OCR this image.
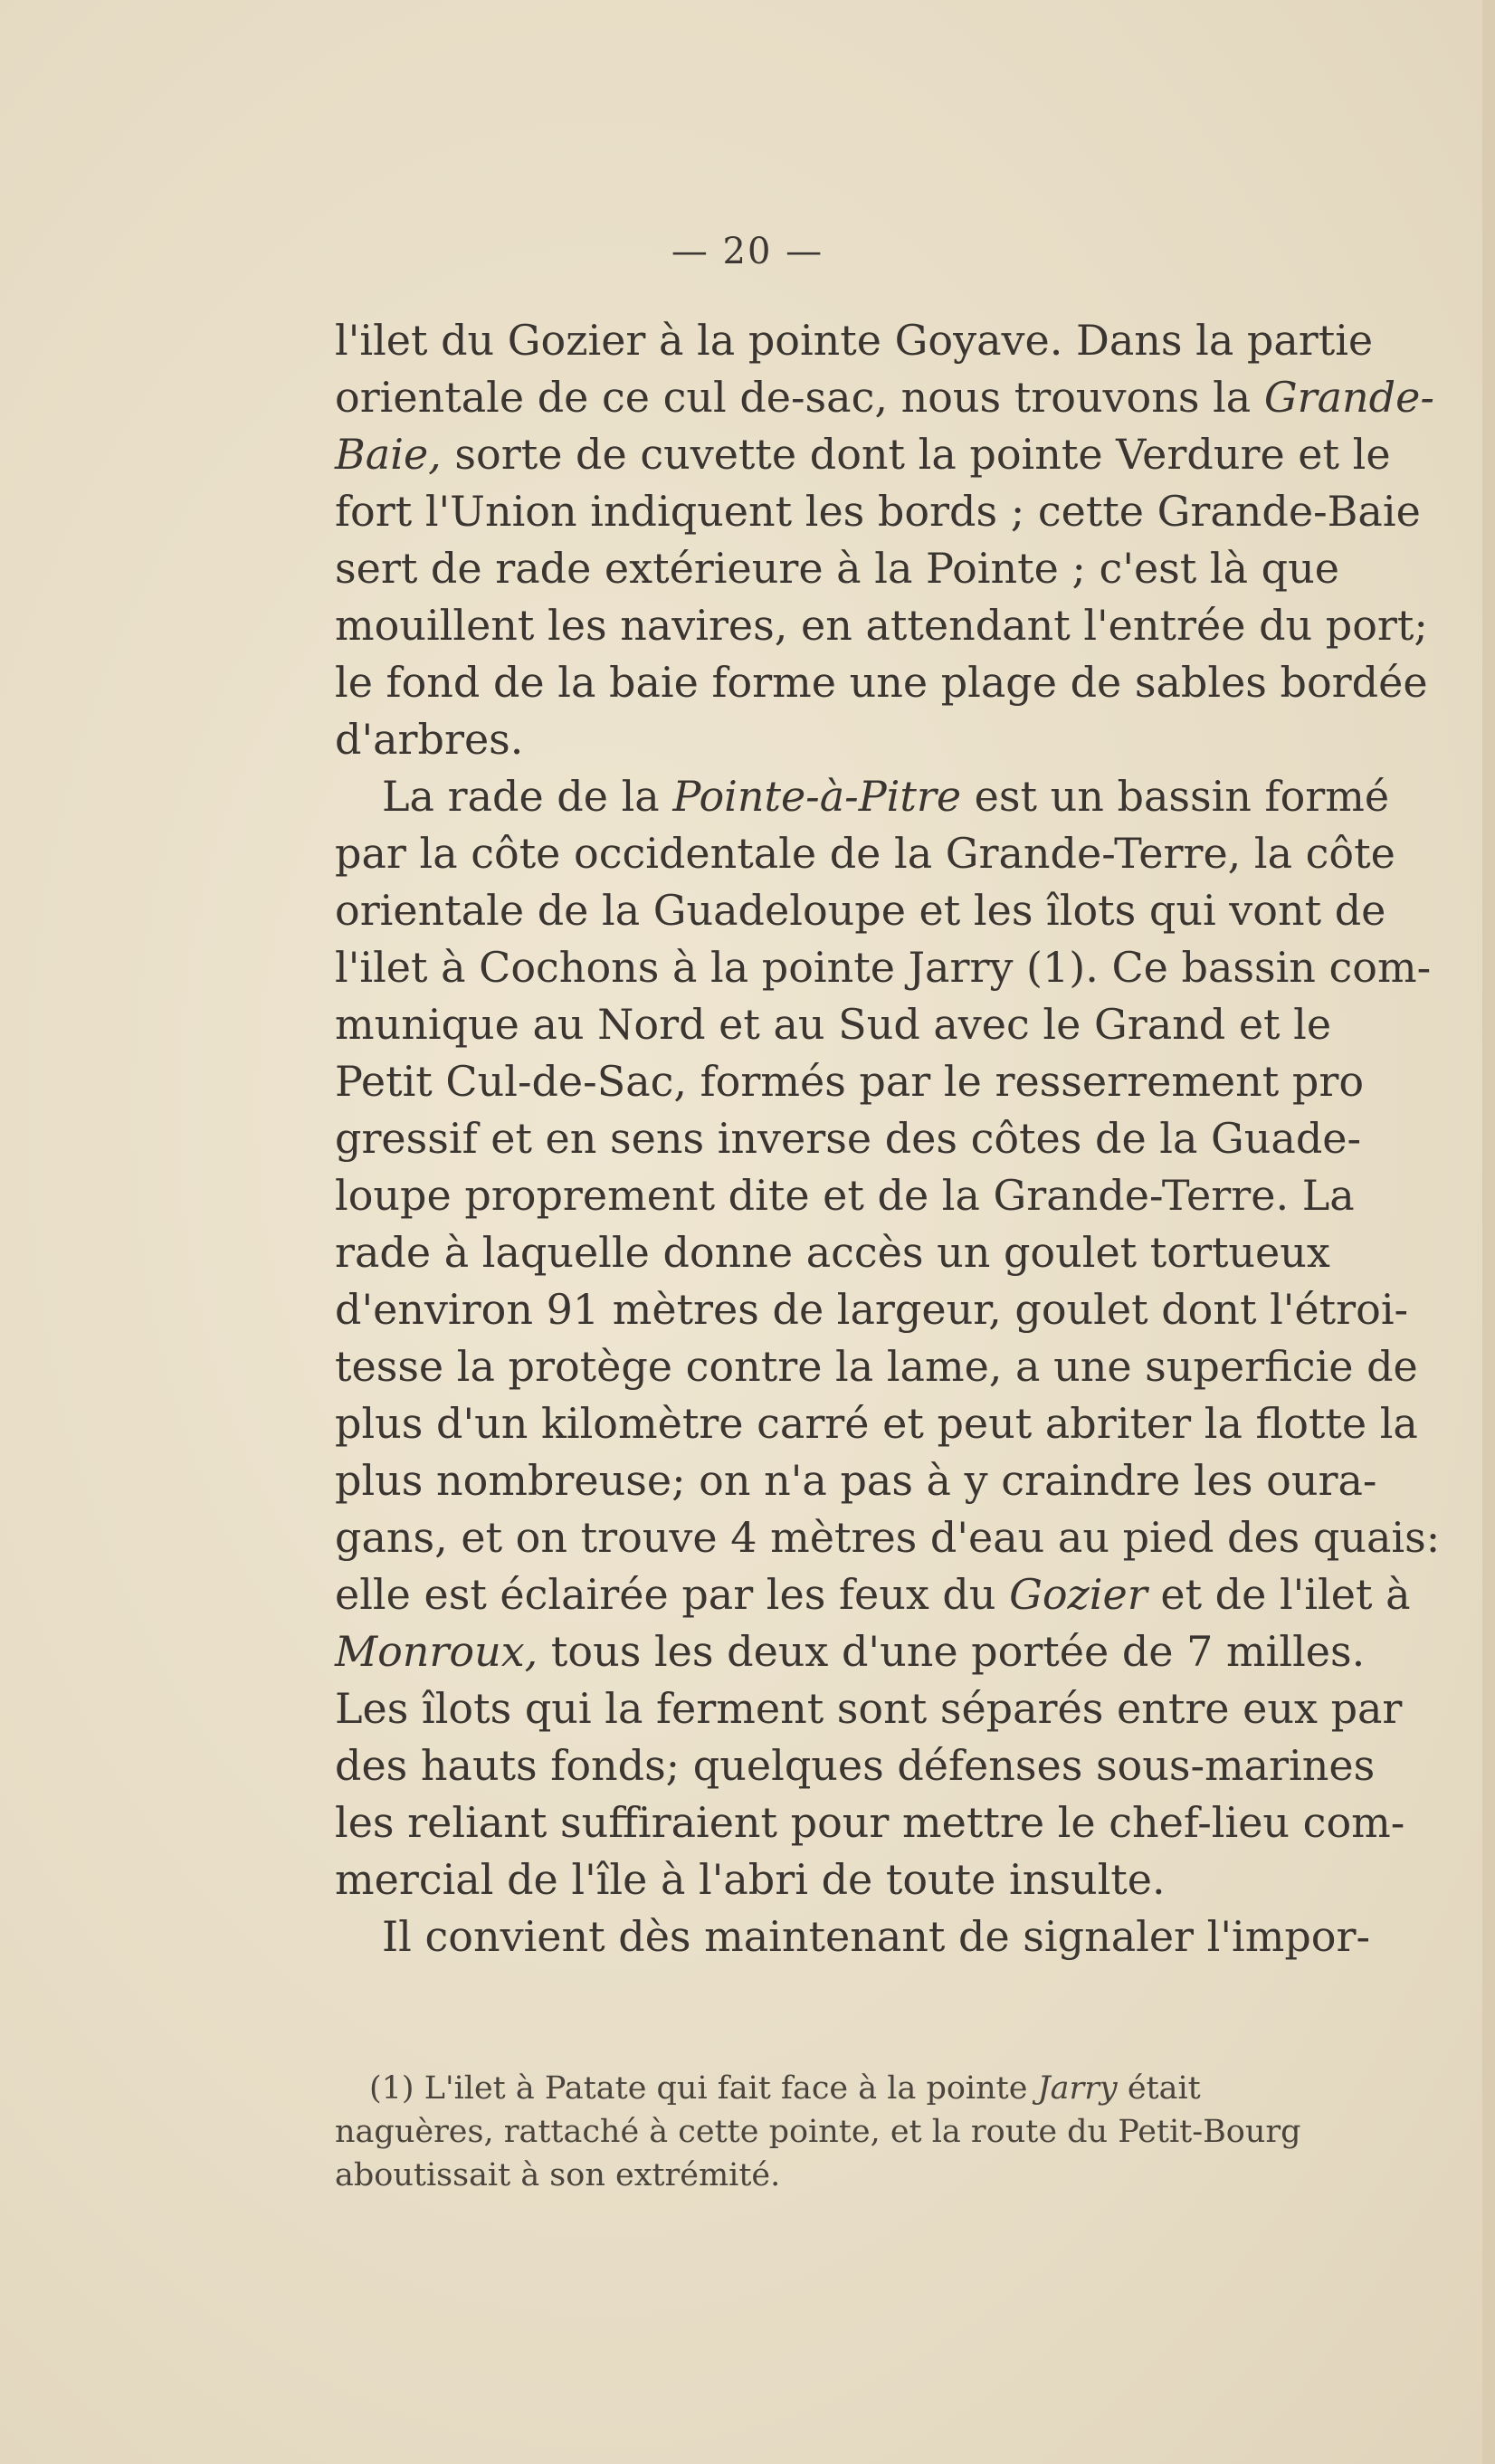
— 20 —
l'ilet du Gozier à la pointe Goyave. Dans la partie
orientale de ce cul de-sac, nous trouvons la Grande-
Baie, sorte de cuvette dont la pointe Verdure et le
fort l'Union indiquent les bords ; cette Grande-Baie
sert de rade extérieure à la Pointe ; c'est là que
mouillent les navires, en attendant l'entrée du port;
le fond de la baie forme une plage de sables bordée
d'arbres.
La rade de la Pointe-à-Pitre est un bassin formé
par la côte occidentale de la Grande-Terre, la côte
orientale de la Guadeloupe et les îlots qui vont de
l'ilet à Cochons à la pointe Jarry (1). Ce bassin com-
munique au Nord et au Sud avec le Grand et le
Petit Cul-de-Sac, formés par le resserrement pro
gressif et en sens inverse des côtes de la Guade-
loupe proprement dite et de la Grande-Terre. La
rade à laquelle donne accès un goulet tortueux
d'environ 91 mètres de largeur, goulet dont l'étroi-
tesse la protège contre la lame, a une superficie de
plus d'un kilomètre carré et peut abriter la flotte la
plus nombreuse; on n'a pas à y craindre les oura-
gans, et on trouve 4 mètres d'eau au pied des quais:
elle est éclairée par les feux du Gozier et de l'ilet à
Monroux, tous les deux d'une portée de 7 milles.
Les îlots qui la ferment sont séparés entre eux par
des hauts fonds; quelques défenses sous-marines
les reliant suffiraient pour mettre le chef-lieu com-
mercial de l'île à l'abri de toute insulte.
Il convient dès maintenant de signaler l'impor-
(1) L'ilet à Patate qui fait face à la pointe Jarry était
naguères, rattaché à cette pointe, et la route du Petit-Bourg
aboutissait à son extrémité.
